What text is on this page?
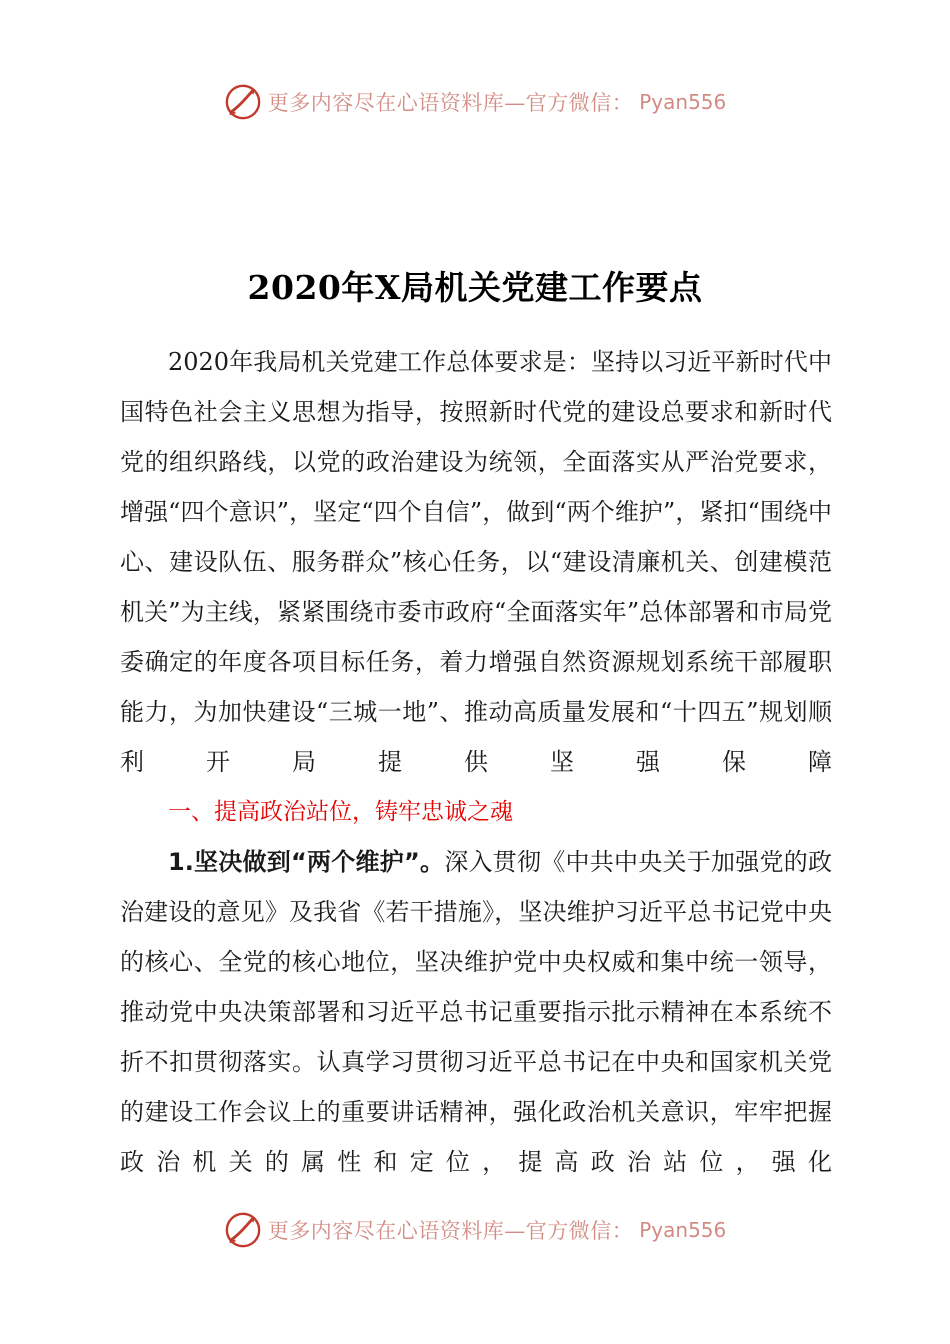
更多内容尽在心语资料库—官方微信： Pyan556
2020年X局机关党建工作要点

2020年我局机关党建工作总体要求是：坚持以习近平新时代中国特色社会主义思想为指导，按照新时代党的建设总要求和新时代党的组织路线，以党的政治建设为统领，全面落实从严治党要求，增强“四个意识”，坚定“四个自信”，做到“两个维护”，紧扣“围绕中心、建设队伍、服务群众”核心任务，以“建设清廉机关、创建模范机关”为主线，紧紧围绕市委市政府“全面落实年”总体部署和市局党委确定的年度各项目标任务，着力增强自然资源规划系统干部履职能力，为加快建设“三城一地”、推动高质量发展和“十四五”规划顺利开局提供坚强保障

一、提高政治站位，铸牢忠诚之魂

1.坚决做到“两个维护”。深入贯彻《中共中央关于加强党的政治建设的意见》及我省《若干措施》，坚决维护习近平总书记党中央的核心、全党的核心地位，坚决维护党中央权威和集中统一领导，推动党中央决策部署和习近平总书记重要指示批示精神在本系统不折不扣贯彻落实。认真学习贯彻习近平总书记在中央和国家机关党的建设工作会议上的重要讲话精神，强化政治机关意识，牢牢把握政治机关的属性和定位，提高政治站位，强化

更多内容尽在心语资料库—官方微信： Pyan556
